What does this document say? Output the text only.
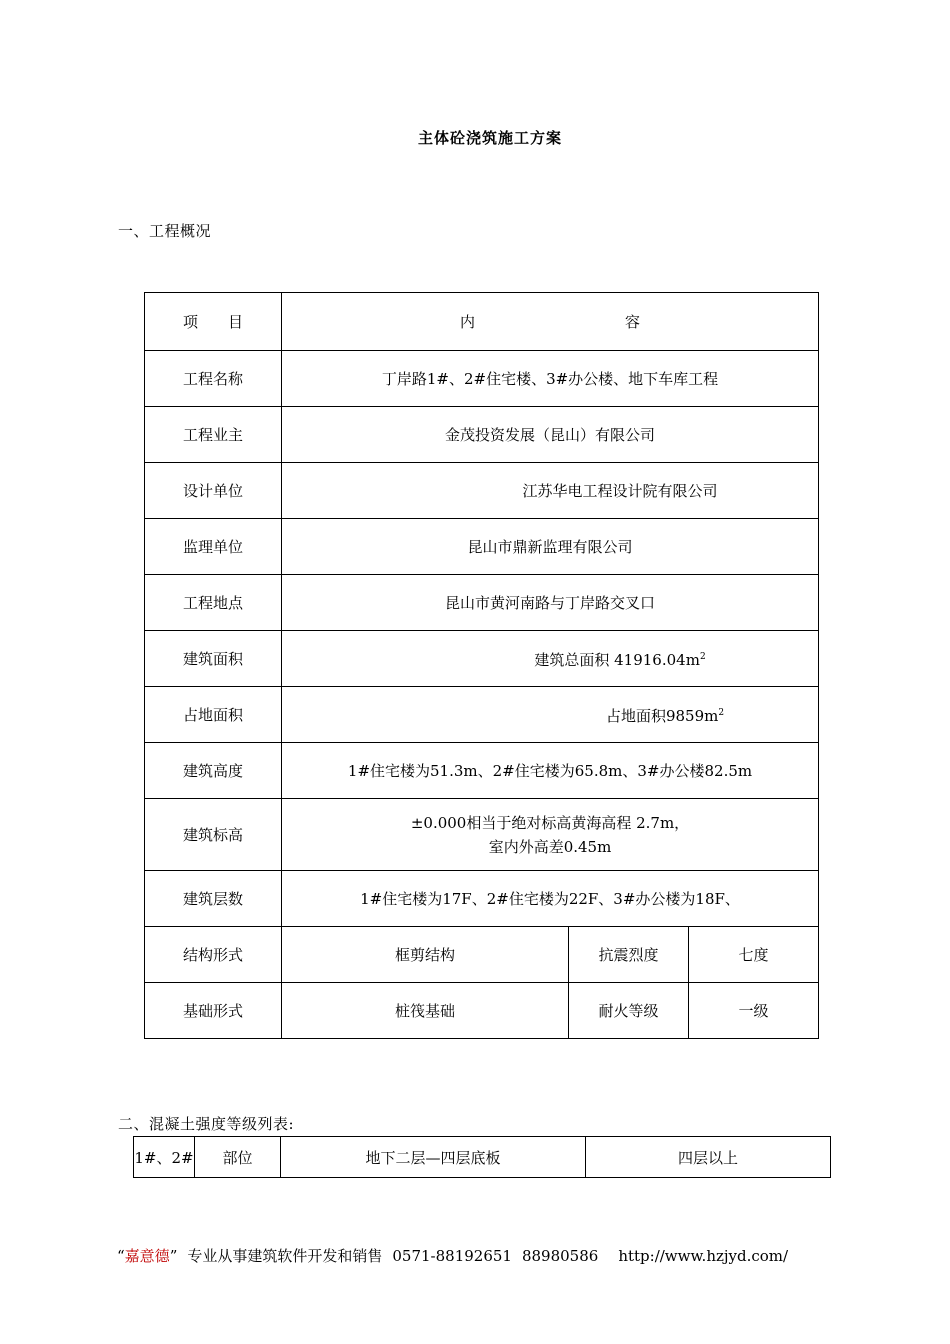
主体砼浇筑施工方案
一、工程概况
项　　目	内　　　　　　　　　　容		
工程名称	丁岸路1#、2#住宅楼、3#办公楼、地下车库工程		
工程业主	金茂投资发展（昆山）有限公司		
设计单位	江苏华电工程设计院有限公司		
监理单位	昆山市鼎新监理有限公司		
工程地点	昆山市黄河南路与丁岸路交叉口		
建筑面积	建筑总面积 $41916.04m^2$
占地面积	占地面积$9859m^2$
建筑高度	1#住宅楼为51.3m、2#住宅楼为65.8m、3#办公楼82.5m		
建筑标高	±0.000相当于绝对标高黄海高程 2.7m，
室内外高差0.45m		

建筑层数	1#住宅楼为17F、2#住宅楼为22F、3#办公楼为18F、		
结构形式	框剪结构	抗震烈度	七度
基础形式	桩筏基础	耐火等级	一级
二、混凝土强度等级列表:
1#、2#	部位	地下二层—四层底板	四层以上
“嘉意德” 专业从事建筑软件开发和销售 0571-88192651 88980586 http://www.hzjyd.com/
